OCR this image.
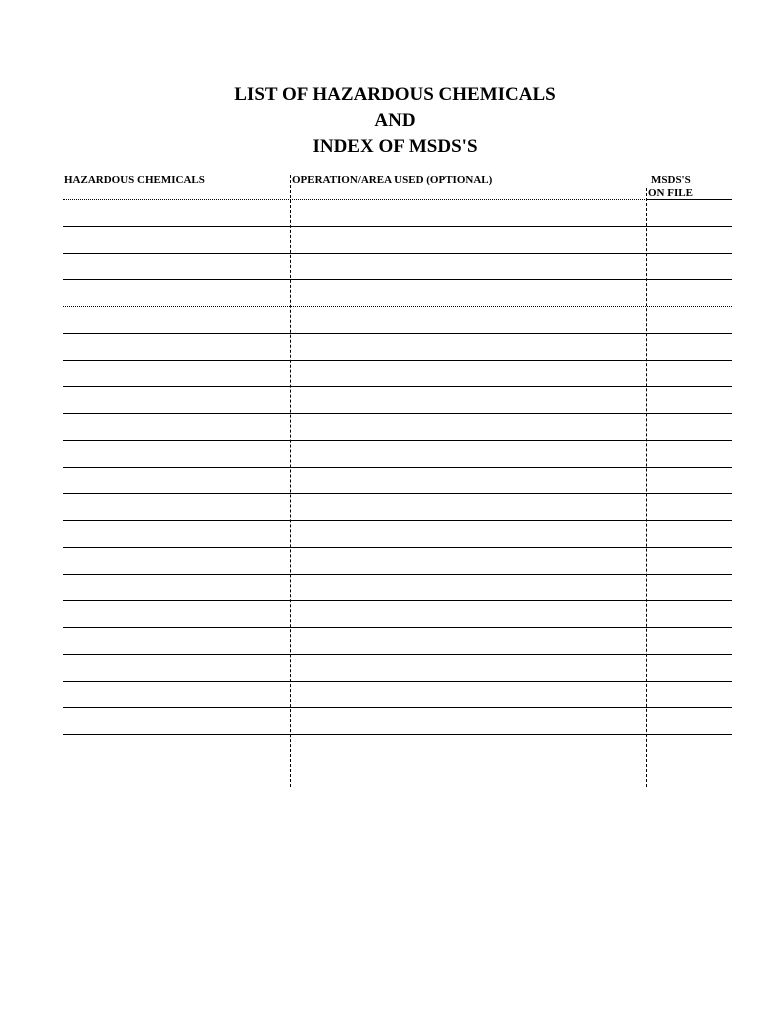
LIST OF HAZARDOUS CHEMICALS
AND
INDEX OF MSDS'S
HAZARDOUS CHEMICALS	OPERATION/AREA USED (OPTIONAL)	MSDS'S
ON FILE
